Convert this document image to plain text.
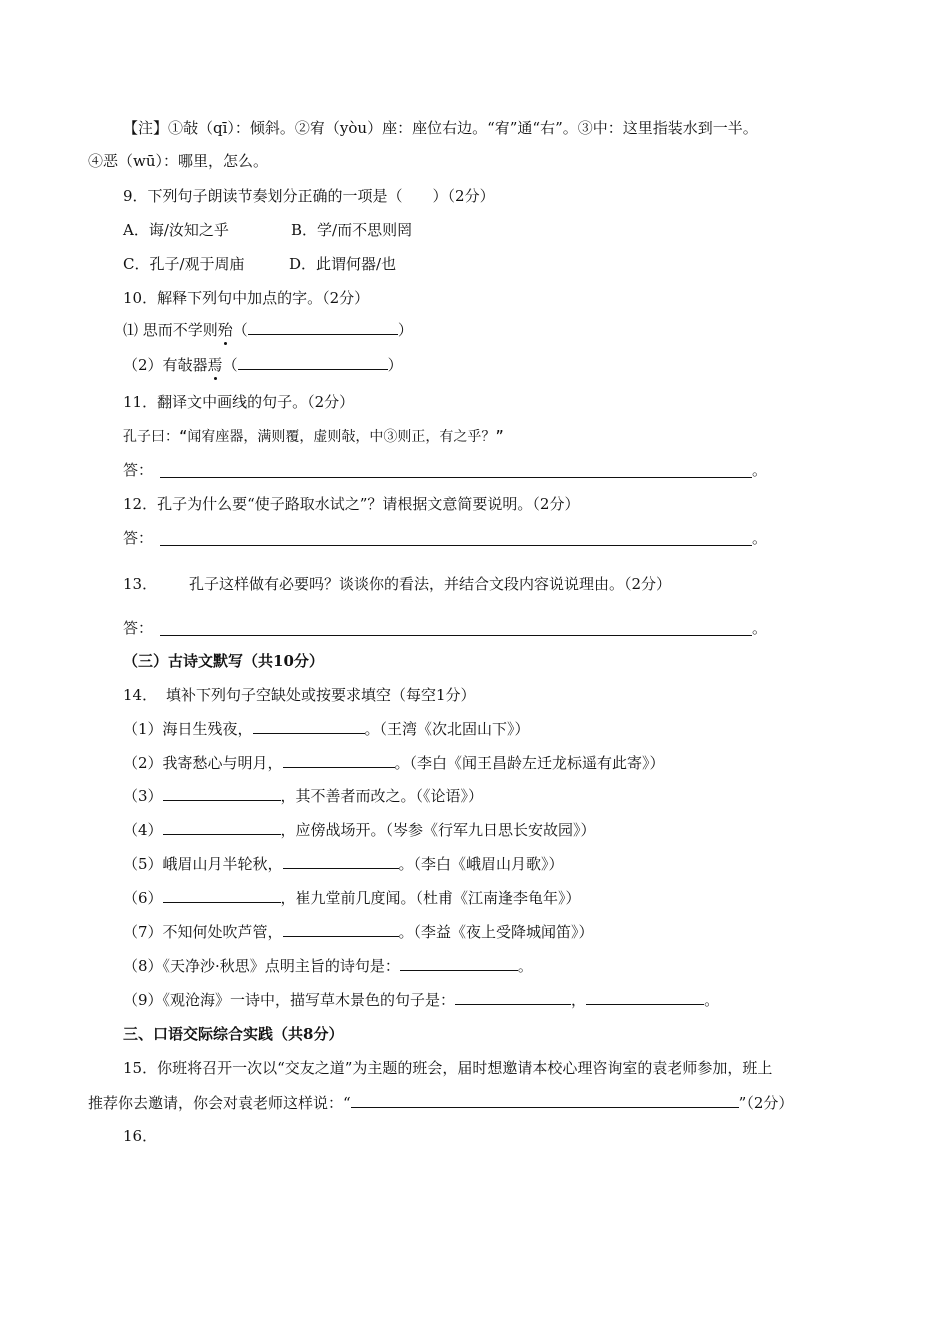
【注】①敧（qī）：倾斜。②宥（yòu）座：座位右边。“宥”通“右”。③中：这里指装水到一半。
④恶（wū）：哪里，怎么。
9．下列句子朗读节奏划分正确的一项是（　　）（2分）
A．诲/汝知之乎	B．学/而不思则罔
C．孔子/观于周庙	D．此谓何器/也
10．解释下列句中加点的字。（2分）
⑴ 思而不学则殆（	）
（2）有敧器焉（	）
11．翻译文中画线的句子。（2分）
孔子曰：“闻宥座器，满则覆，虚则敧，中③则正，有之乎？”
答：	。
12．孔子为什么要“使子路取水试之”？请根据文意简要说明。（2分）
答：	。
13． 孔子这样做有必要吗？谈谈你的看法，并结合文段内容说说理由。（2分）
答：	。
（三）古诗文默写（共10分）
14． 填补下列句子空缺处或按要求填空（每空1分）
（1）海日生残夜，	。（王湾《次北固山下》）
（2）我寄愁心与明月，	。（李白《闻王昌龄左迁龙标遥有此寄》）
（3）	，其不善者而改之。（《论语》）
（4）	，应傍战场开。（岑参《行军九日思长安故园》）
（5）峨眉山月半轮秋，	。（李白《峨眉山月歌》）
（6）	，崔九堂前几度闻。（杜甫《江南逢李龟年》）
（7）不知何处吹芦管，	。（李益《夜上受降城闻笛》）
（8）《天净沙·秋思》点明主旨的诗句是：	。
（9）《观沧海》一诗中，描写草木景色的句子是：	，	。
三、口语交际综合实践（共8分）
15．你班将召开一次以“交友之道”为主题的班会，届时想邀请本校心理咨询室的袁老师参加，班上
推荐你去邀请，你会对袁老师这样说：“	”（2分）
16．
